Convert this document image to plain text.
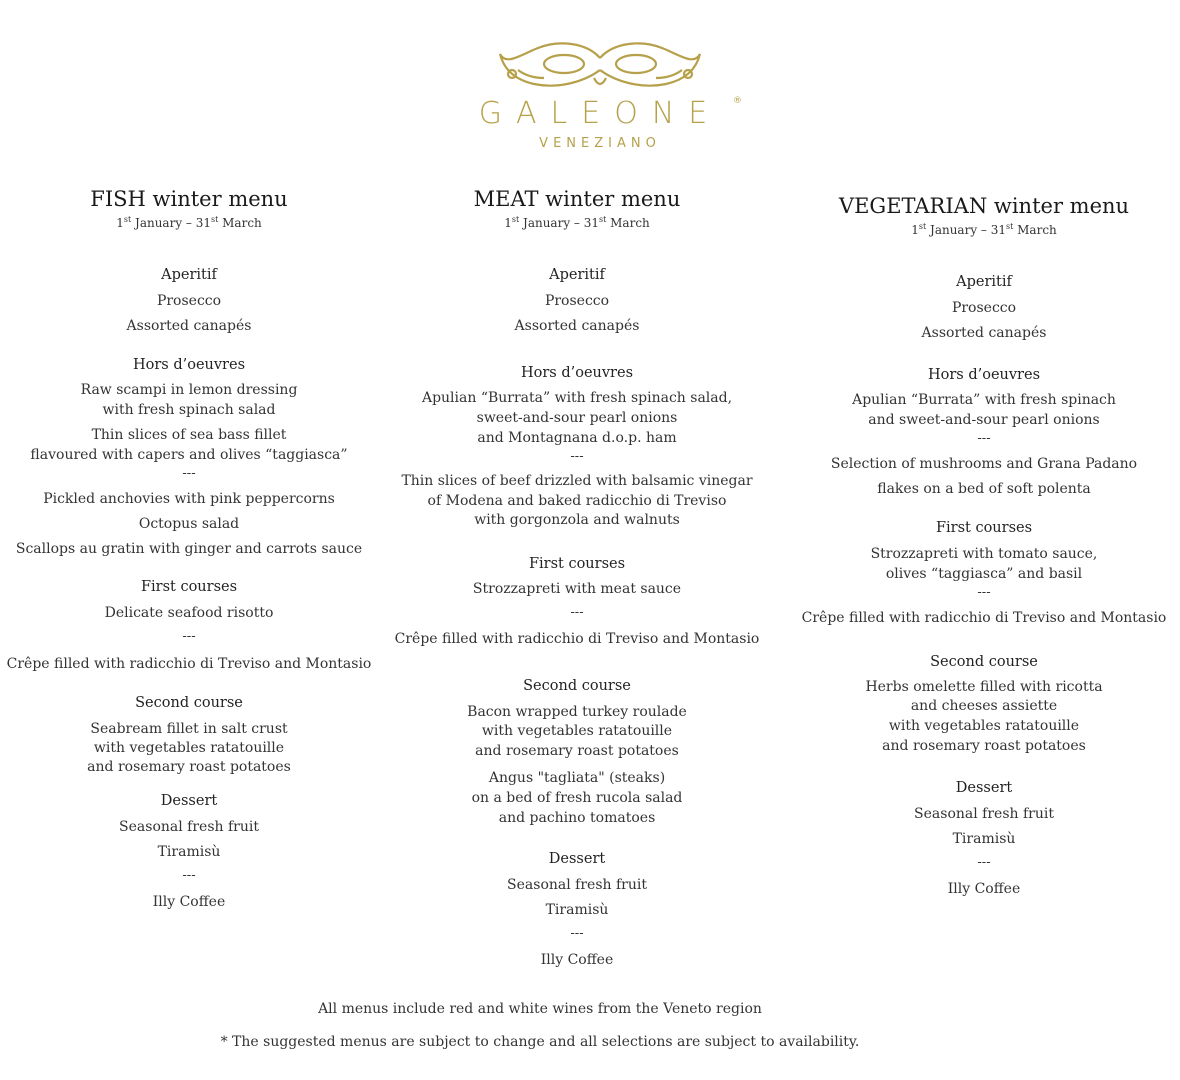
GALEONE	®
VENEZIANO
FISH winter menu
1st January – 31st March
Aperitif
Prosecco
Assorted canapés
Hors d’oeuvres
Raw scampi in lemon dressing
with fresh spinach salad
Thin slices of sea bass fillet
flavoured with capers and olives “taggiasca”
---
Pickled anchovies with pink peppercorns
Octopus salad
Scallops au gratin with ginger and carrots sauce
First courses
Delicate seafood risotto
---
Crêpe filled with radicchio di Treviso and Montasio
Second course
Seabream fillet in salt crust
with vegetables ratatouille
and rosemary roast potatoes
Dessert
Seasonal fresh fruit
Tiramisù
---
Illy Coffee
MEAT winter menu
1st January – 31st March
Aperitif
Prosecco
Assorted canapés
Hors d’oeuvres
Apulian “Burrata” with fresh spinach salad,
sweet-and-sour pearl onions
and Montagnana d.o.p. ham
---
Thin slices of beef drizzled with balsamic vinegar
of Modena and baked radicchio di Treviso
with gorgonzola and walnuts
First courses
Strozzapreti with meat sauce
---
Crêpe filled with radicchio di Treviso and Montasio
Second course
Bacon wrapped turkey roulade
with vegetables ratatouille
and rosemary roast potatoes
Angus "tagliata" (steaks)
on a bed of fresh rucola salad
and pachino tomatoes
Dessert
Seasonal fresh fruit
Tiramisù
---
Illy Coffee
VEGETARIAN winter menu
1st January – 31st March
Aperitif
Prosecco
Assorted canapés
Hors d’oeuvres
Apulian “Burrata” with fresh spinach
and sweet-and-sour pearl onions
---
Selection of mushrooms and Grana Padano
flakes on a bed of soft polenta
First courses
Strozzapreti with tomato sauce,
olives “taggiasca” and basil
---
Crêpe filled with radicchio di Treviso and Montasio
Second course
Herbs omelette filled with ricotta
and cheeses assiette
with vegetables ratatouille
and rosemary roast potatoes
Dessert
Seasonal fresh fruit
Tiramisù
---
Illy Coffee
All menus include red and white wines from the Veneto region
* The suggested menus are subject to change and all selections are subject to availability.
